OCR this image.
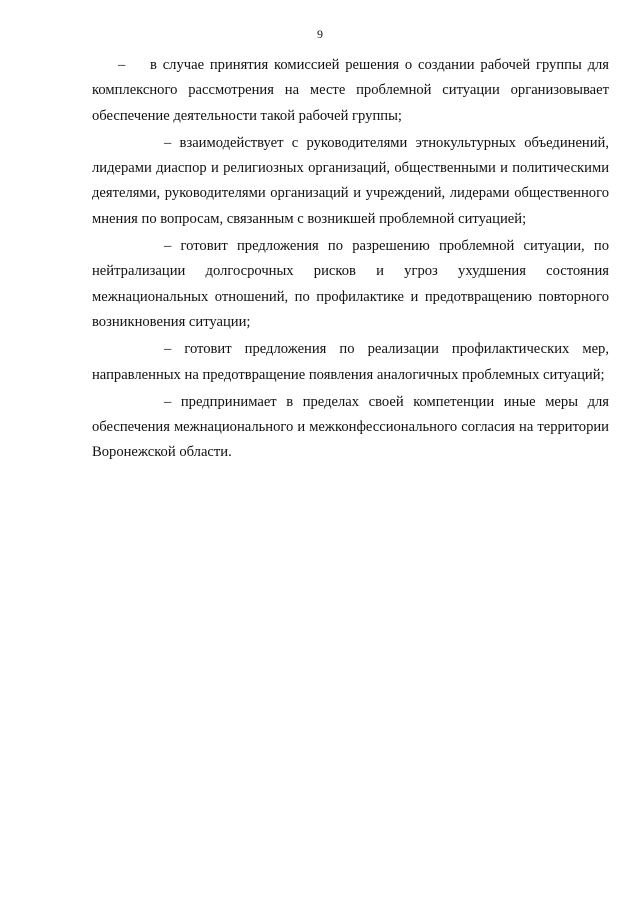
9

– в случае принятия комиссией решения о создании рабочей группы для комплексного рассмотрения на месте проблемной ситуации организовывает обеспечение деятельности такой рабочей группы;

– взаимодействует с руководителями этнокультурных объединений, лидерами диаспор и религиозных организаций, общественными и политическими деятелями, руководителями организаций и учреждений, лидерами общественного мнения по вопросам, связанным с возникшей проблемной ситуацией;

– готовит предложения по разрешению проблемной ситуации, по нейтрализации долгосрочных рисков и угроз ухудшения состояния межнациональных отношений, по профилактике и предотвращению повторного возникновения ситуации;

– готовит предложения по реализации профилактических мер, направленных на предотвращение появления аналогичных проблемных ситуаций;

– предпринимает в пределах своей компетенции иные меры для обеспечения межнационального и межконфессионального согласия на территории Воронежской области.
